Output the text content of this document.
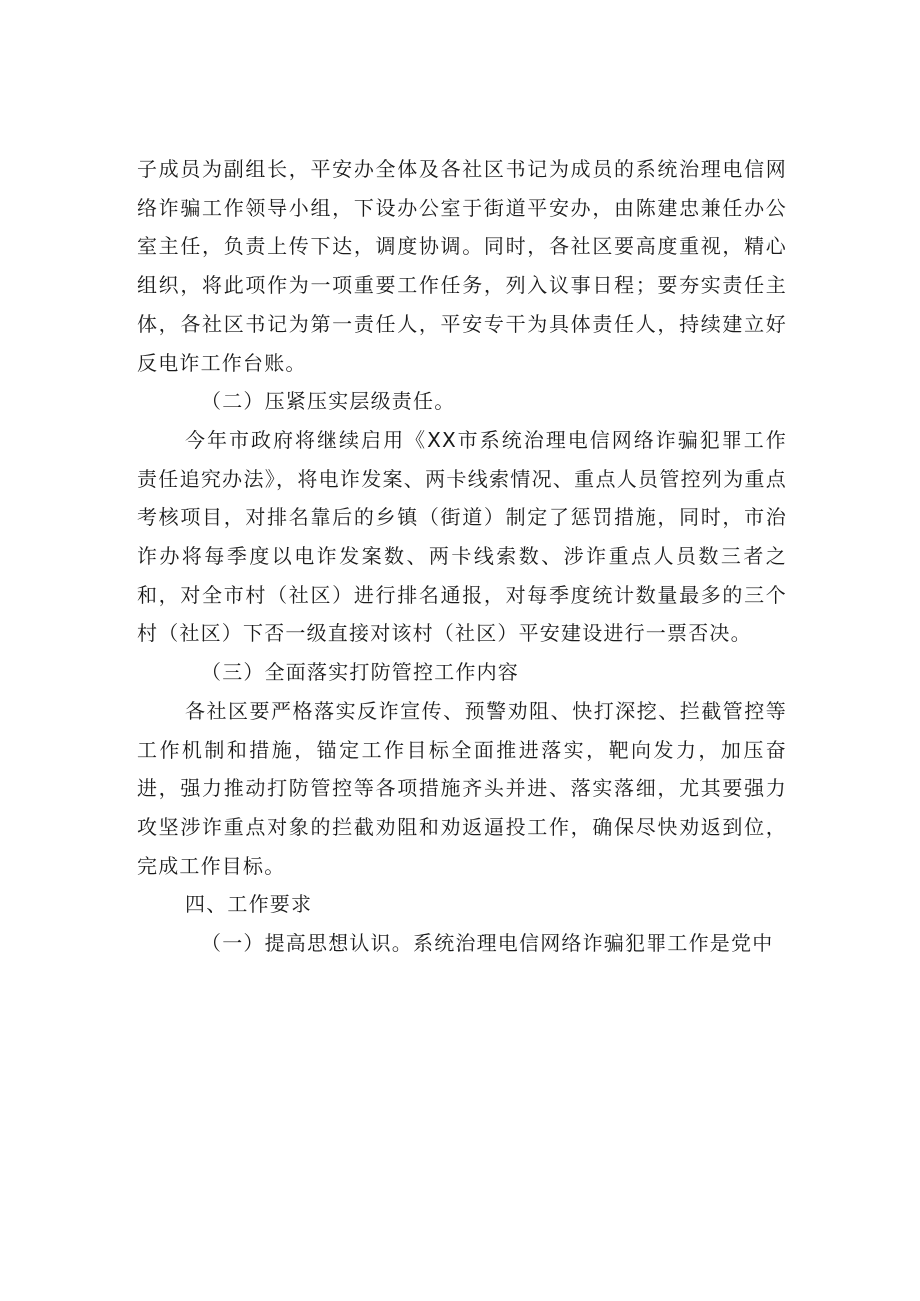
子成员为副组长，平安办全体及各社区书记为成员的系统治理电信网络诈骗工作领导小组，下设办公室于街道平安办，由陈建忠兼任办公室主任，负责上传下达，调度协调。同时，各社区要高度重视，精心组织，将此项作为一项重要工作任务，列入议事日程；要夯实责任主体，各社区书记为第一责任人，平安专干为具体责任人，持续建立好反电诈工作台账。

（二）压紧压实层级责任。

今年市政府将继续启用《XX市系统治理电信网络诈骗犯罪工作责任追究办法》，将电诈发案、两卡线索情况、重点人员管控列为重点考核项目，对排名靠后的乡镇（街道）制定了惩罚措施，同时，市治诈办将每季度以电诈发案数、两卡线索数、涉诈重点人员数三者之和，对全市村（社区）进行排名通报，对每季度统计数量最多的三个村（社区）下否一级直接对该村（社区）平安建设进行一票否决。

（三）全面落实打防管控工作内容

各社区要严格落实反诈宣传、预警劝阻、快打深挖、拦截管控等工作机制和措施，锚定工作目标全面推进落实，靶向发力，加压奋进，强力推动打防管控等各项措施齐头并进、落实落细，尤其要强力攻坚涉诈重点对象的拦截劝阻和劝返逼投工作，确保尽快劝返到位，完成工作目标。

四、工作要求

（一）提高思想认识。系统治理电信网络诈骗犯罪工作是党中
